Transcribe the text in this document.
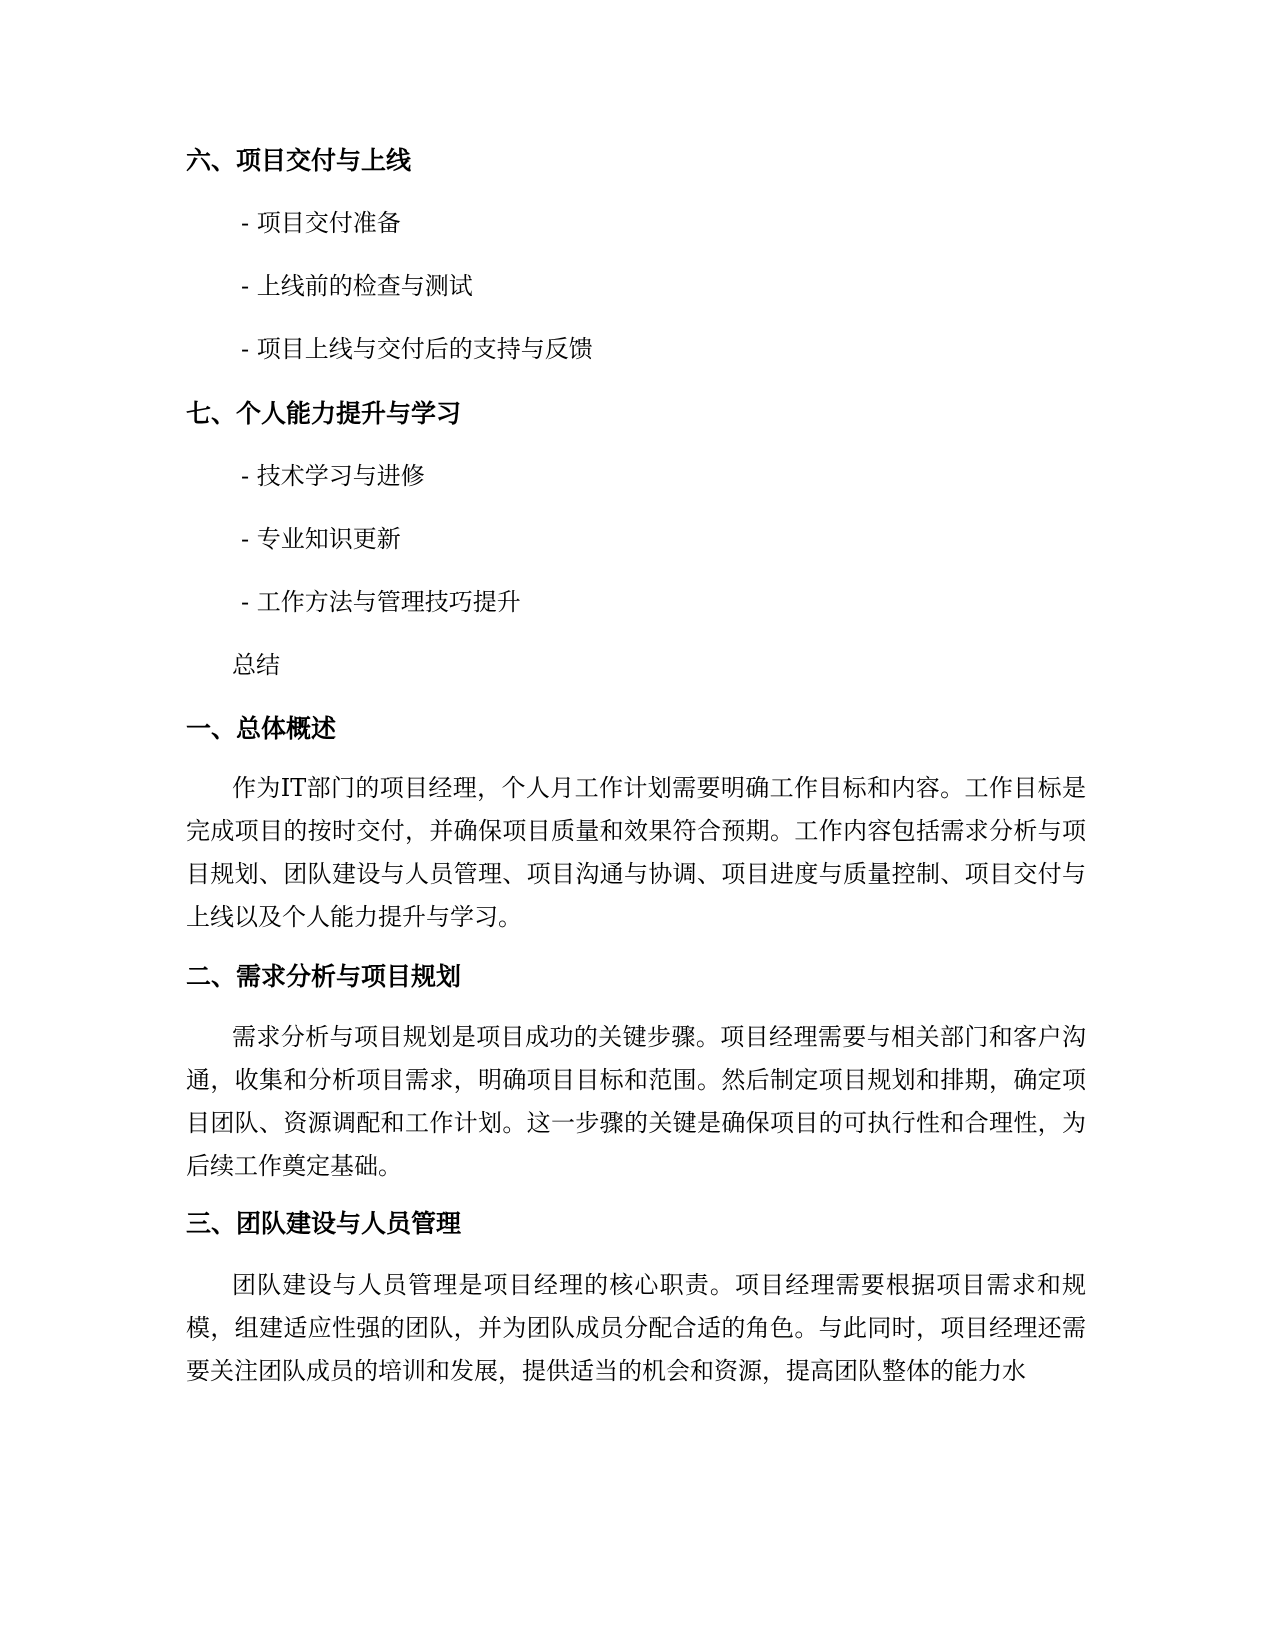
六、项目交付与上线
- 项目交付准备
- 上线前的检查与测试
- 项目上线与交付后的支持与反馈
七、个人能力提升与学习
- 技术学习与进修
- 专业知识更新
- 工作方法与管理技巧提升
总结
一、总体概述
作为IT部门的项目经理，个人月工作计划需要明确工作目标和内容。工作目标是完成项目的按时交付，并确保项目质量和效果符合预期。工作内容包括需求分析与项目规划、团队建设与人员管理、项目沟通与协调、项目进度与质量控制、项目交付与上线以及个人能力提升与学习。
二、需求分析与项目规划
需求分析与项目规划是项目成功的关键步骤。项目经理需要与相关部门和客户沟通，收集和分析项目需求，明确项目目标和范围。然后制定项目规划和排期，确定项目团队、资源调配和工作计划。这一步骤的关键是确保项目的可执行性和合理性，为后续工作奠定基础。
三、团队建设与人员管理
团队建设与人员管理是项目经理的核心职责。项目经理需要根据项目需求和规模，组建适应性强的团队，并为团队成员分配合适的角色。与此同时，项目经理还需要关注团队成员的培训和发展，提供适当的机会和资源，提高团队整体的能力水
